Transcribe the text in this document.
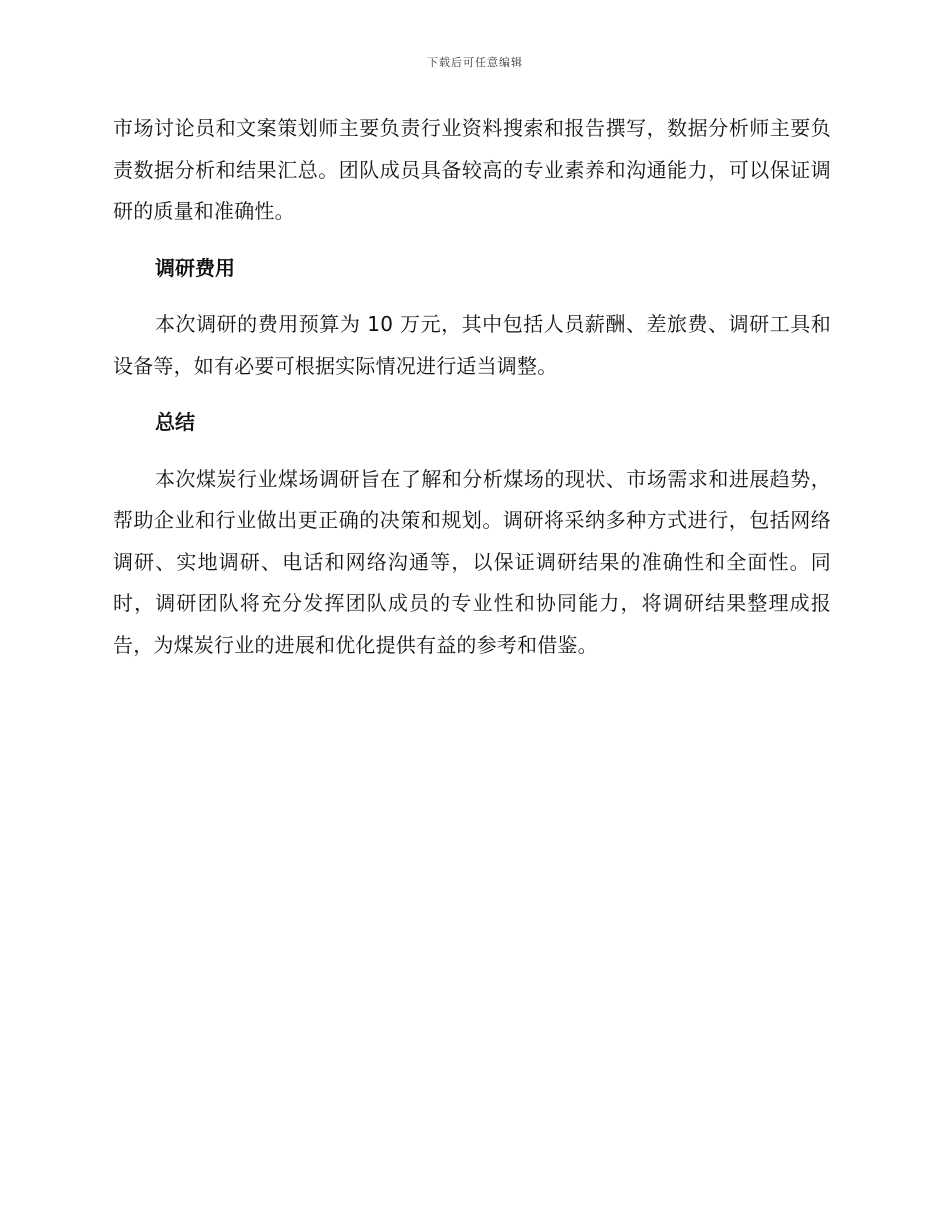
下载后可任意编辑

市场讨论员和文案策划师主要负责行业资料搜索和报告撰写，数据分析师主要负责数据分析和结果汇总。团队成员具备较高的专业素养和沟通能力，可以保证调研的质量和准确性。

调研费用

本次调研的费用预算为 10 万元，其中包括人员薪酬、差旅费、调研工具和设备等，如有必要可根据实际情况进行适当调整。

总结

本次煤炭行业煤场调研旨在了解和分析煤场的现状、市场需求和进展趋势，帮助企业和行业做出更正确的决策和规划。调研将采纳多种方式进行，包括网络调研、实地调研、电话和网络沟通等，以保证调研结果的准确性和全面性。同时，调研团队将充分发挥团队成员的专业性和协同能力，将调研结果整理成报告，为煤炭行业的进展和优化提供有益的参考和借鉴。
